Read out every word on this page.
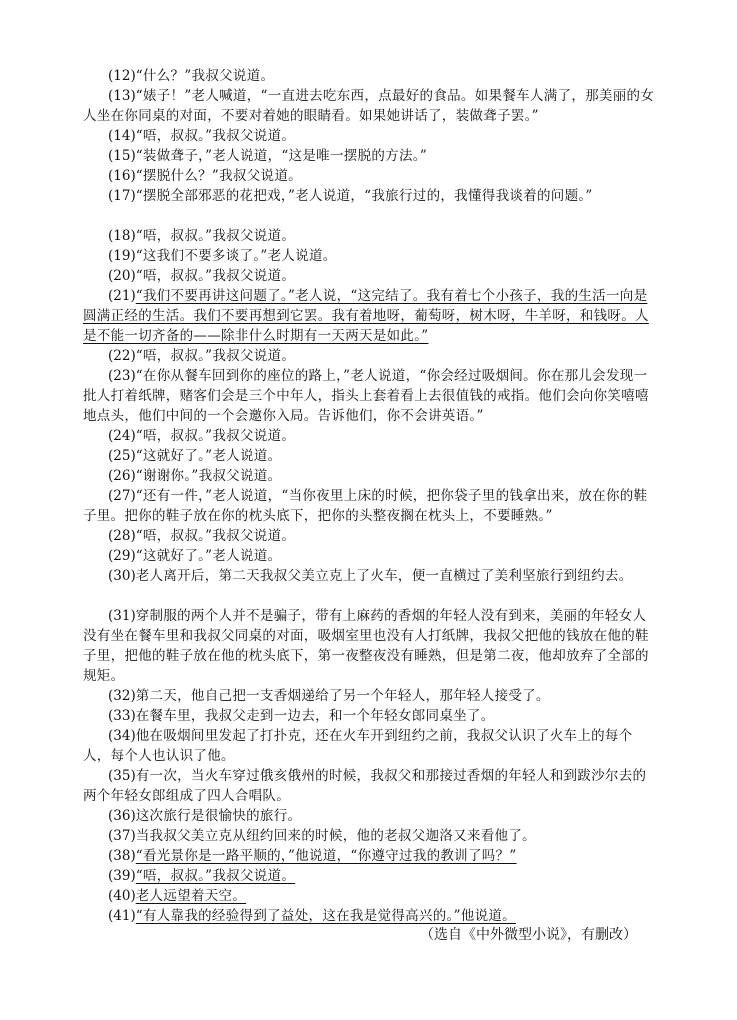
(12)“什么？”我叔父说道。

(13)“婊子！”老人喊道，“一直进去吃东西，点最好的食品。如果餐车人满了，那美丽的女人坐在你同桌的对面，不要对着她的眼睛看。如果她讲话了，装做聋子罢。”

(14)“唔，叔叔。”我叔父说道。

(15)“装做聋子，”老人说道，“这是唯一摆脱的方法。”

(16)“摆脱什么？”我叔父说道。

(17)“摆脱全部邪恶的花把戏，”老人说道，“我旅行过的，我懂得我谈着的问题。”

(18)“唔，叔叔。”我叔父说道。

(19)“这我们不要多谈了。”老人说道。

(20)“唔，叔叔。”我叔父说道。

(21)“我们不要再讲这问题了。”老人说，“这完结了。我有着七个小孩子，我的生活一向是圆满正经的生活。我们不要再想到它罢。我有着地呀，葡萄呀，树木呀，牛羊呀，和钱呀。人是不能一切齐备的——除非什么时期有一天两天是如此。”

(22)“唔，叔叔。”我叔父说道。

(23)“在你从餐车回到你的座位的路上，”老人说道，“你会经过吸烟间。你在那儿会发现一批人打着纸牌，赌客们会是三个中年人，指头上套着看上去很值钱的戒指。他们会向你笑嘻嘻地点头，他们中间的一个会邀你入局。告诉他们，你不会讲英语。”

(24)“唔，叔叔。”我叔父说道。

(25)“这就好了。”老人说道。

(26)“谢谢你。”我叔父说道。

(27)“还有一件，”老人说道，“当你夜里上床的时候，把你袋子里的钱拿出来，放在你的鞋子里。把你的鞋子放在你的枕头底下，把你的头整夜搁在枕头上，不要睡熟。”

(28)“唔，叔叔。”我叔父说道。

(29)“这就好了。”老人说道。

(30)老人离开后，第二天我叔父美立克上了火车，便一直横过了美利坚旅行到纽约去。

(31)穿制服的两个人并不是骗子，带有上麻药的香烟的年轻人没有到来，美丽的年轻女人没有坐在餐车里和我叔父同桌的对面，吸烟室里也没有人打纸牌，我叔父把他的钱放在他的鞋子里，把他的鞋子放在他的枕头底下，第一夜整夜没有睡熟，但是第二夜，他却放弃了全部的规矩。

(32)第二天，他自己把一支香烟递给了另一个年轻人，那年轻人接受了。

(33)在餐车里，我叔父走到一边去，和一个年轻女郎同桌坐了。

(34)他在吸烟间里发起了打扑克，还在火车开到纽约之前，我叔父认识了火车上的每个人，每个人也认识了他。

(35)有一次，当火车穿过俄亥俄州的时候，我叔父和那接过香烟的年轻人和到跋沙尔去的两个年轻女郎组成了四人合唱队。

(36)这次旅行是很愉快的旅行。

(37)当我叔父美立克从纽约回来的时候，他的老叔父迦洛又来看他了。

(38)“看光景你是一路平顺的，”他说道，“你遵守过我的教训了吗？”

(39)“唔，叔叔。”我叔父说道。

(40)老人远望着天空。

(41)“有人靠我的经验得到了益处，这在我是觉得高兴的。”他说道。

（选自《中外微型小说》，有删改）
